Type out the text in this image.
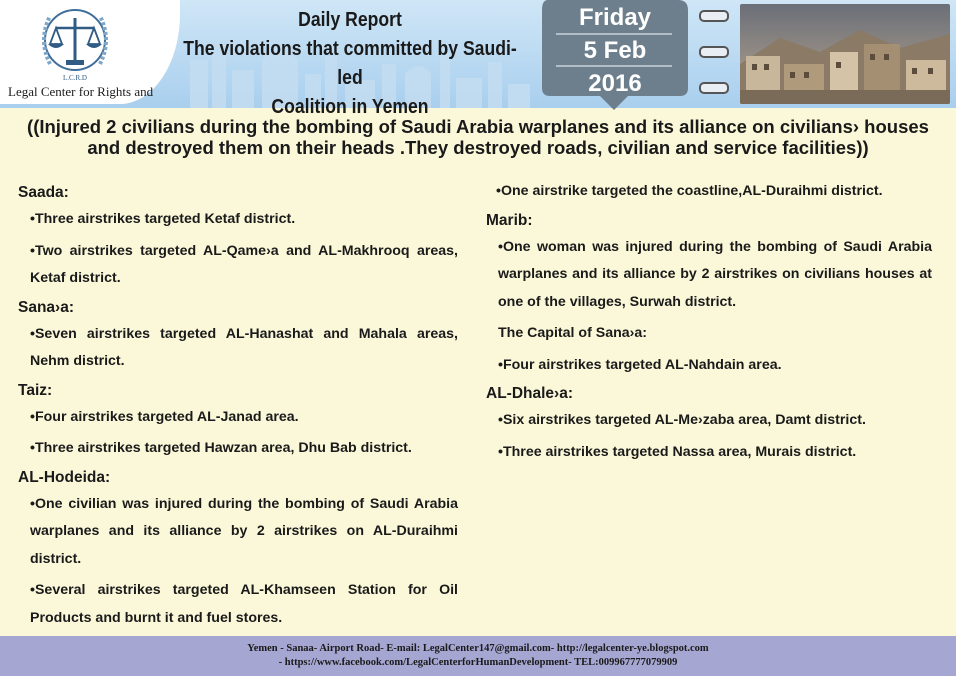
L.C.R.D
Legal Center for Rights and
Daily Report
The violations that committed by Saudi-led
Coalition in Yemen
Friday
5 Feb
2016
((Injured 2 civilians during the bombing of Saudi Arabia warplanes and its alliance on civilians› houses and destroyed them on their heads .They destroyed roads, civilian and service facilities))
Saada:
•Three airstrikes targeted Ketaf district.
•Two airstrikes targeted AL-Qame›a and AL-Makhrooq areas, Ketaf district.
Sana›a:
•Seven airstrikes targeted AL-Hanashat and Mahala areas, Nehm district.
Taiz:
•Four airstrikes targeted AL-Janad area.
•Three airstrikes targeted Hawzan area, Dhu Bab district.
AL-Hodeida:
•One civilian was injured during the bombing of Saudi Arabia warplanes and its alliance by 2 airstrikes on AL-Duraihmi district.
•Several airstrikes targeted AL-Khamseen Station for Oil Products and burnt it and fuel stores.
•One airstrike targeted the coastline,AL-Duraihmi district.
Marib:
•One woman was injured during the bombing of Saudi Arabia warplanes and its alliance by 2 airstrikes on civilians houses at one of the villages, Surwah district.
The Capital of Sana›a:
•Four airstrikes targeted AL-Nahdain area.
AL-Dhale›a:
•Six airstrikes targeted AL-Me›zaba area, Damt district.
•Three airstrikes targeted Nassa area, Murais district.
Yemen - Sanaa- Airport Road- E-mail: LegalCenter147@gmail.com- http://legalcenter-ye.blogspot.com
- https://www.facebook.com/LegalCenterforHumanDevelopment- TEL:009967777079909
